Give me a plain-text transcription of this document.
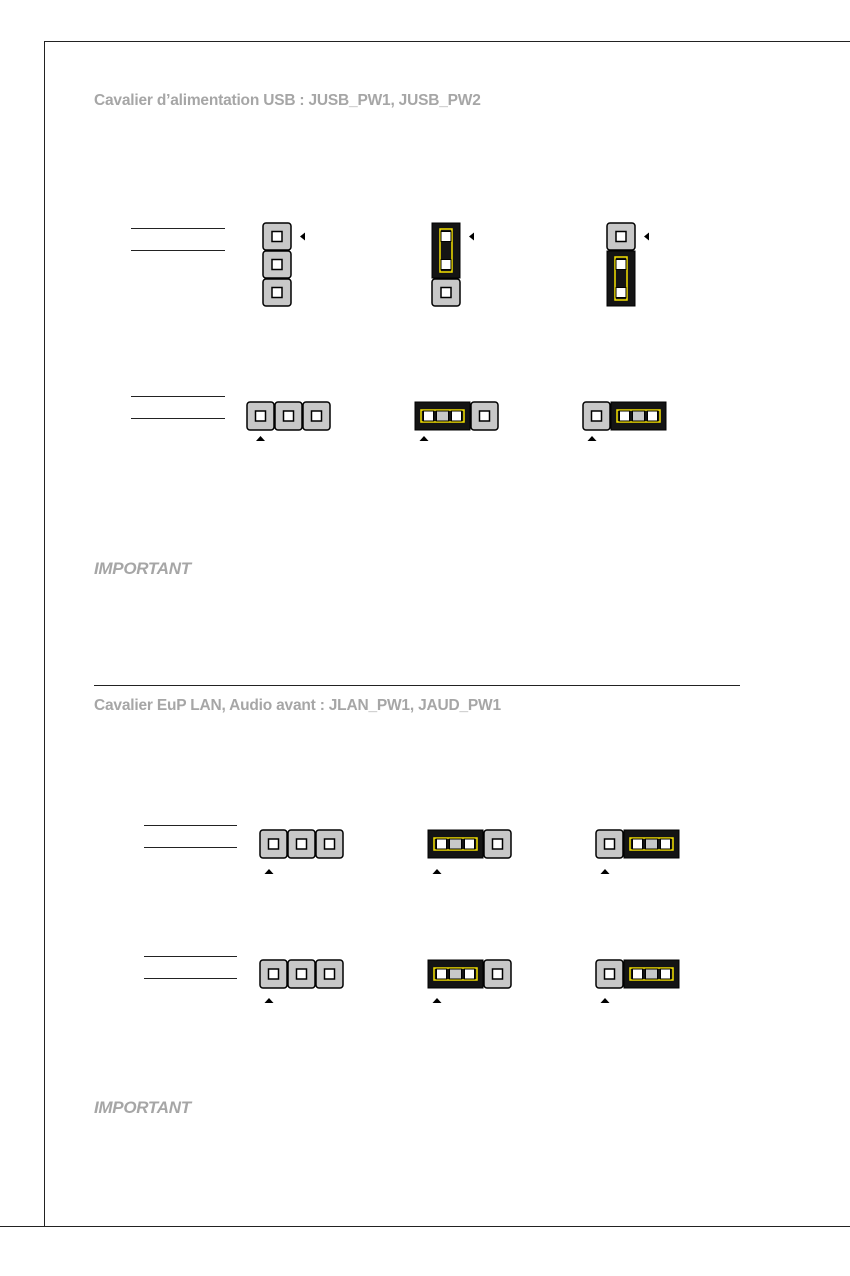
Cavalier d’alimentation USB : JUSB_PW1, JUSB_PW2
IMPORTANT
Cavalier EuP LAN, Audio avant : JLAN_PW1, JAUD_PW1
IMPORTANT
